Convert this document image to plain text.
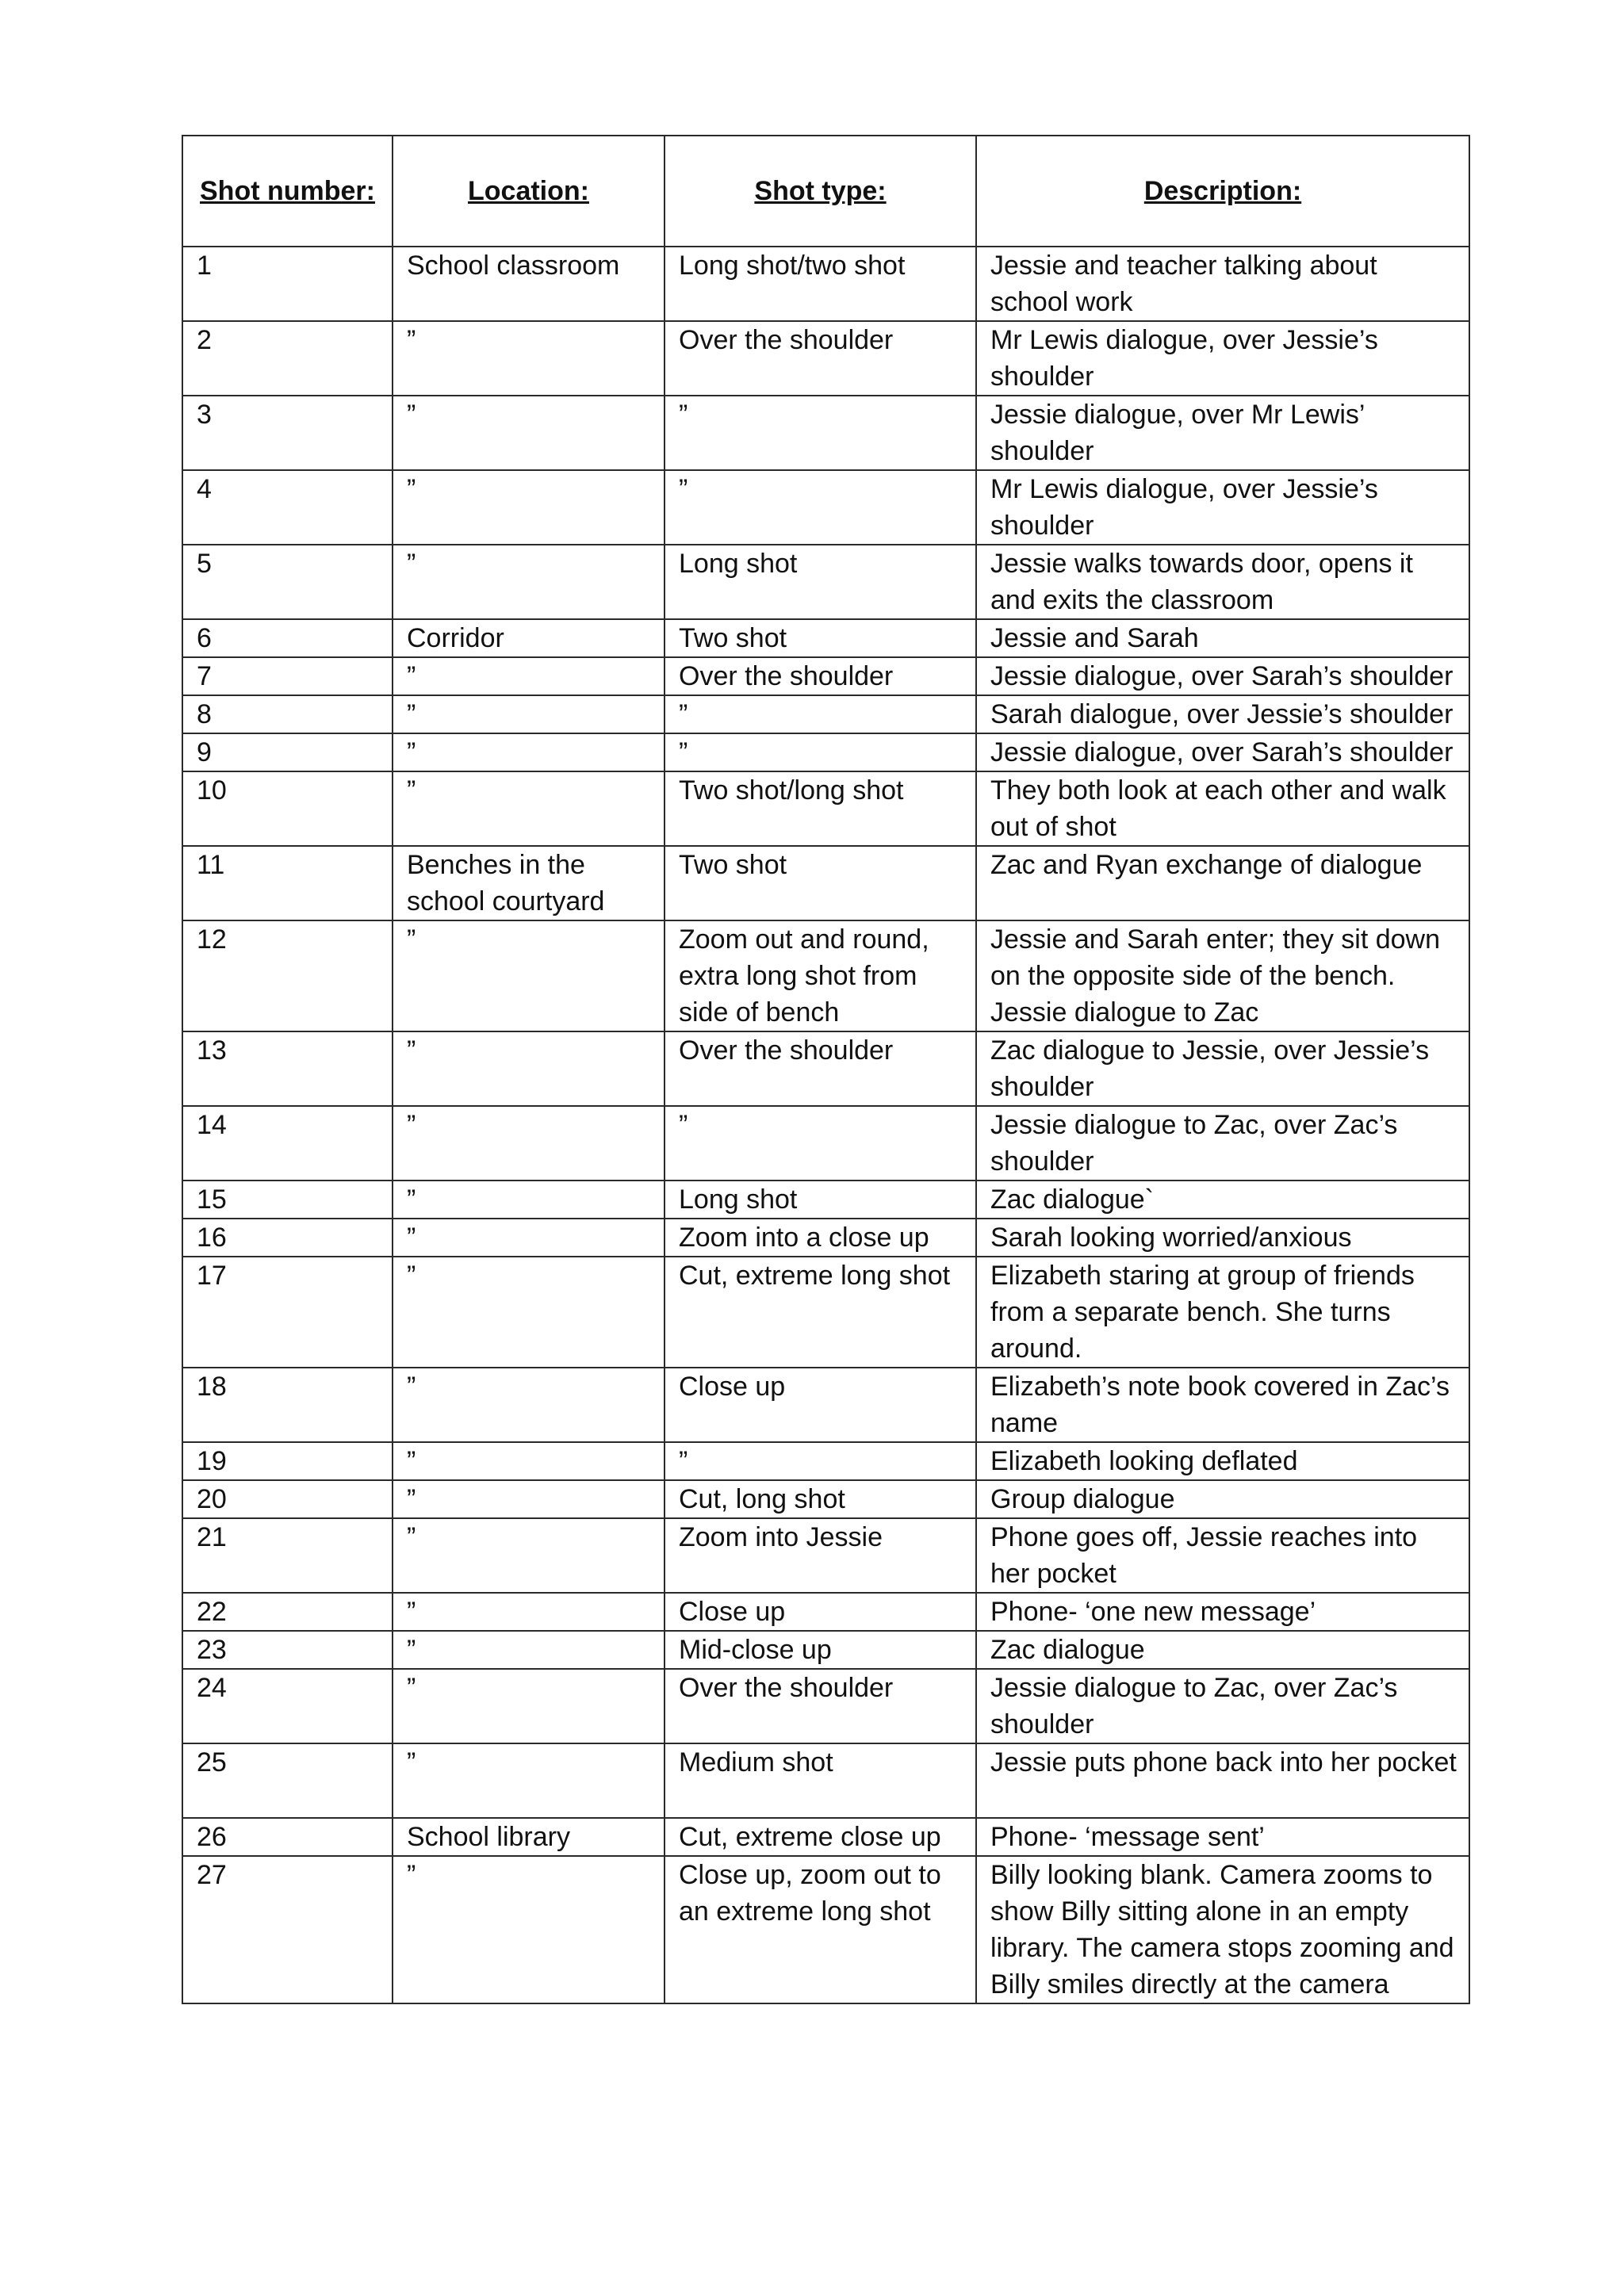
Shot number:	Location:	Shot type:	Description:
1	School classroom	Long shot/two shot	Jessie and teacher talking about school work
2	”	Over the shoulder	Mr Lewis dialogue, over Jessie’s shoulder
3	”	”	Jessie dialogue, over Mr Lewis’ shoulder
4	”	”	Mr Lewis dialogue, over Jessie’s shoulder
5	”	Long shot	Jessie walks towards door, opens it and exits the classroom
6	Corridor	Two shot	Jessie and Sarah
7	”	Over the shoulder	Jessie dialogue, over Sarah’s shoulder
8	”	”	Sarah dialogue, over Jessie’s shoulder
9	”	”	Jessie dialogue, over Sarah’s shoulder
10	”	Two shot/long shot	They both look at each other and walk out of shot
11	Benches in the school courtyard	Two shot	Zac and Ryan exchange of dialogue
12	”	Zoom out and round, extra long shot from side of bench	Jessie and Sarah enter; they sit down on the opposite side of the bench. Jessie dialogue to Zac
13	”	Over the shoulder	Zac dialogue to Jessie, over Jessie’s shoulder
14	”	”	Jessie dialogue to Zac, over Zac’s shoulder
15	”	Long shot	Zac dialogue`
16	”	Zoom into a close up	Sarah looking worried/anxious
17	”	Cut, extreme long shot	Elizabeth staring at group of friends from a separate bench. She turns around.
18	”	Close up	Elizabeth’s note book covered in Zac’s name
19	”	”	Elizabeth looking deflated
20	”	Cut, long shot	Group dialogue
21	”	Zoom into Jessie	Phone goes off, Jessie reaches into her pocket
22	”	Close up	Phone- ‘one new message’
23	”	Mid-close up	Zac dialogue
24	”	Over the shoulder	Jessie dialogue to Zac, over Zac’s shoulder
25	”	Medium shot	Jessie puts phone back into her pocket
26	School library	Cut, extreme close up	Phone- ‘message sent’
27	”	Close up, zoom out to an extreme long shot	Billy looking blank. Camera zooms to show Billy sitting alone in an empty library. The camera stops zooming and Billy smiles directly at the camera
